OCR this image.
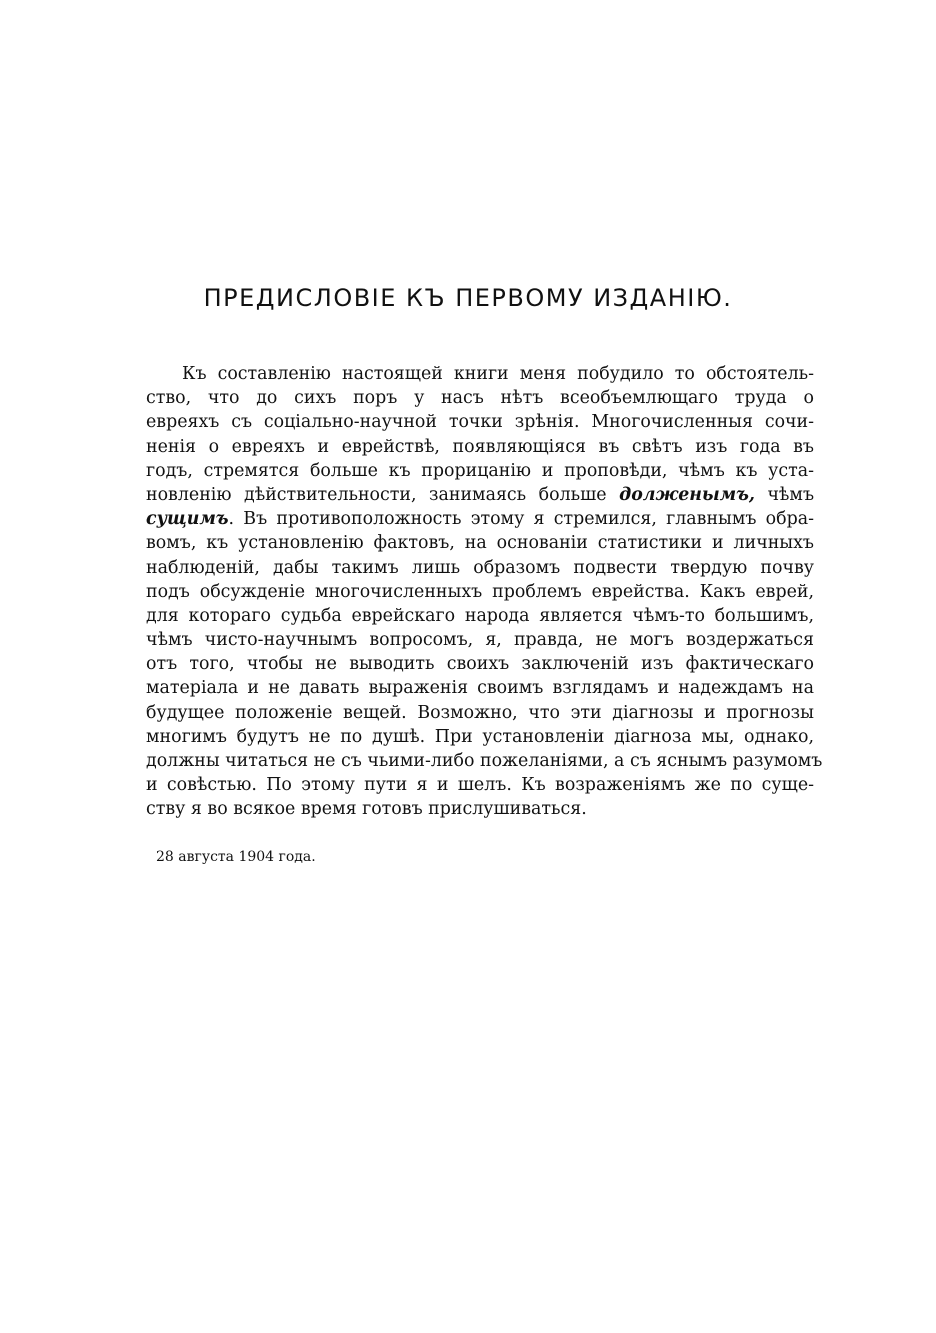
ПРЕДИСЛОВІЕ КЪ ПЕРВОМУ ИЗДАНІЮ.
Къ составленію настоящей книги меня побудило то обстоятель-
ство, что до сихъ поръ у насъ нѣтъ всеобъемлющаго труда о
евреяхъ съ соціально-научной точки зрѣнія. Многочисленныя сочи-
ненія о евреяхъ и еврействѣ, появляющіяся въ свѣтъ изъ года въ
годъ, стремятся больше къ прорицанію и проповѣди, чѣмъ къ уста-
новленію дѣйствительности, занимаясь больше долженымъ, чѣмъ
сущимъ. Въ противоположность этому я стремился, главнымъ обра-
вомъ, къ установленію фактовъ, на основаніи статистики и личныхъ
наблюденій, дабы такимъ лишь образомъ подвести твердую почву
подъ обсужденіе многочисленныхъ проблемъ еврейства. Какъ еврей,
для котораго судьба еврейскаго народа является чѣмъ-то большимъ,
чѣмъ чисто-научнымъ вопросомъ, я, правда, не могъ воздержаться
отъ того, чтобы не выводить своихъ заключеній изъ фактическаго
матеріала и не давать выраженія своимъ взглядамъ и надеждамъ на
будущее положеніе вещей. Возможно, что эти діагнозы и прогнозы
многимъ будутъ не по душѣ. При установленіи діагноза мы, однако,
должны читаться не съ чьими-либо пожеланіями, а съ яснымъ разумомъ
и совѣстью. По этому пути я и шелъ. Къ возраженіямъ же по суще-
ству я во всякое время готовъ прислушиваться.
28 августа 1904 года.
